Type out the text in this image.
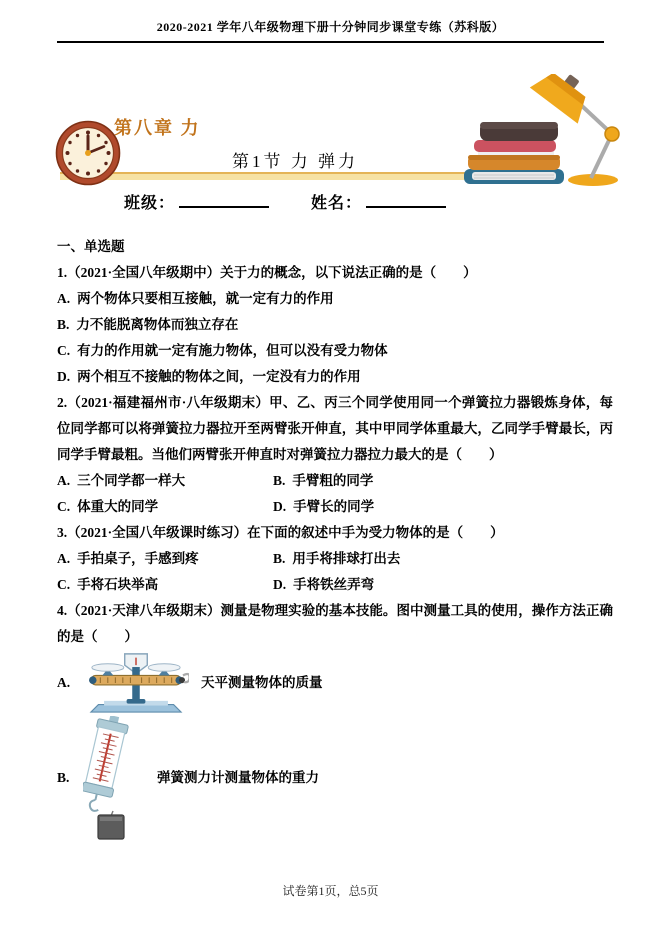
2020-2021 学年八年级物理下册十分钟同步课堂专练（苏科版）
第八章 力
第1节 力 弹力
班级：	姓名：
一、单选题
1.（2021·全国八年级期中）关于力的概念，以下说法正确的是（　　）
A. 两个物体只要相互接触，就一定有力的作用
B. 力不能脱离物体而独立存在
C. 有力的作用就一定有施力物体，但可以没有受力物体
D. 两个相互不接触的物体之间，一定没有力的作用
2.（2021·福建福州市·八年级期末）甲、乙、丙三个同学使用同一个弹簧拉力器锻炼身体，每位同学都可以将弹簧拉力器拉开至两臂张开伸直，其中甲同学体重最大，乙同学手臂最长，丙同学手臂最粗。当他们两臂张开伸直时对弹簧拉力器拉力最大的是（　　）
A. 三个同学都一样大	B. 手臂粗的同学
C. 体重大的同学	D. 手臂长的同学
3.（2021·全国八年级课时练习）在下面的叙述中手为受力物体的是（　　）
A. 手拍桌子，手感到疼	B. 用手将排球打出去
C. 手将石块举高	D. 手将铁丝弄弯
4.（2021·天津八年级期末）测量是物理实验的基本技能。图中测量工具的使用，操作方法正确的是（　　）
A.	天平测量物体的质量
B.	弹簧测力计测量物体的重力
试卷第1页，总5页
